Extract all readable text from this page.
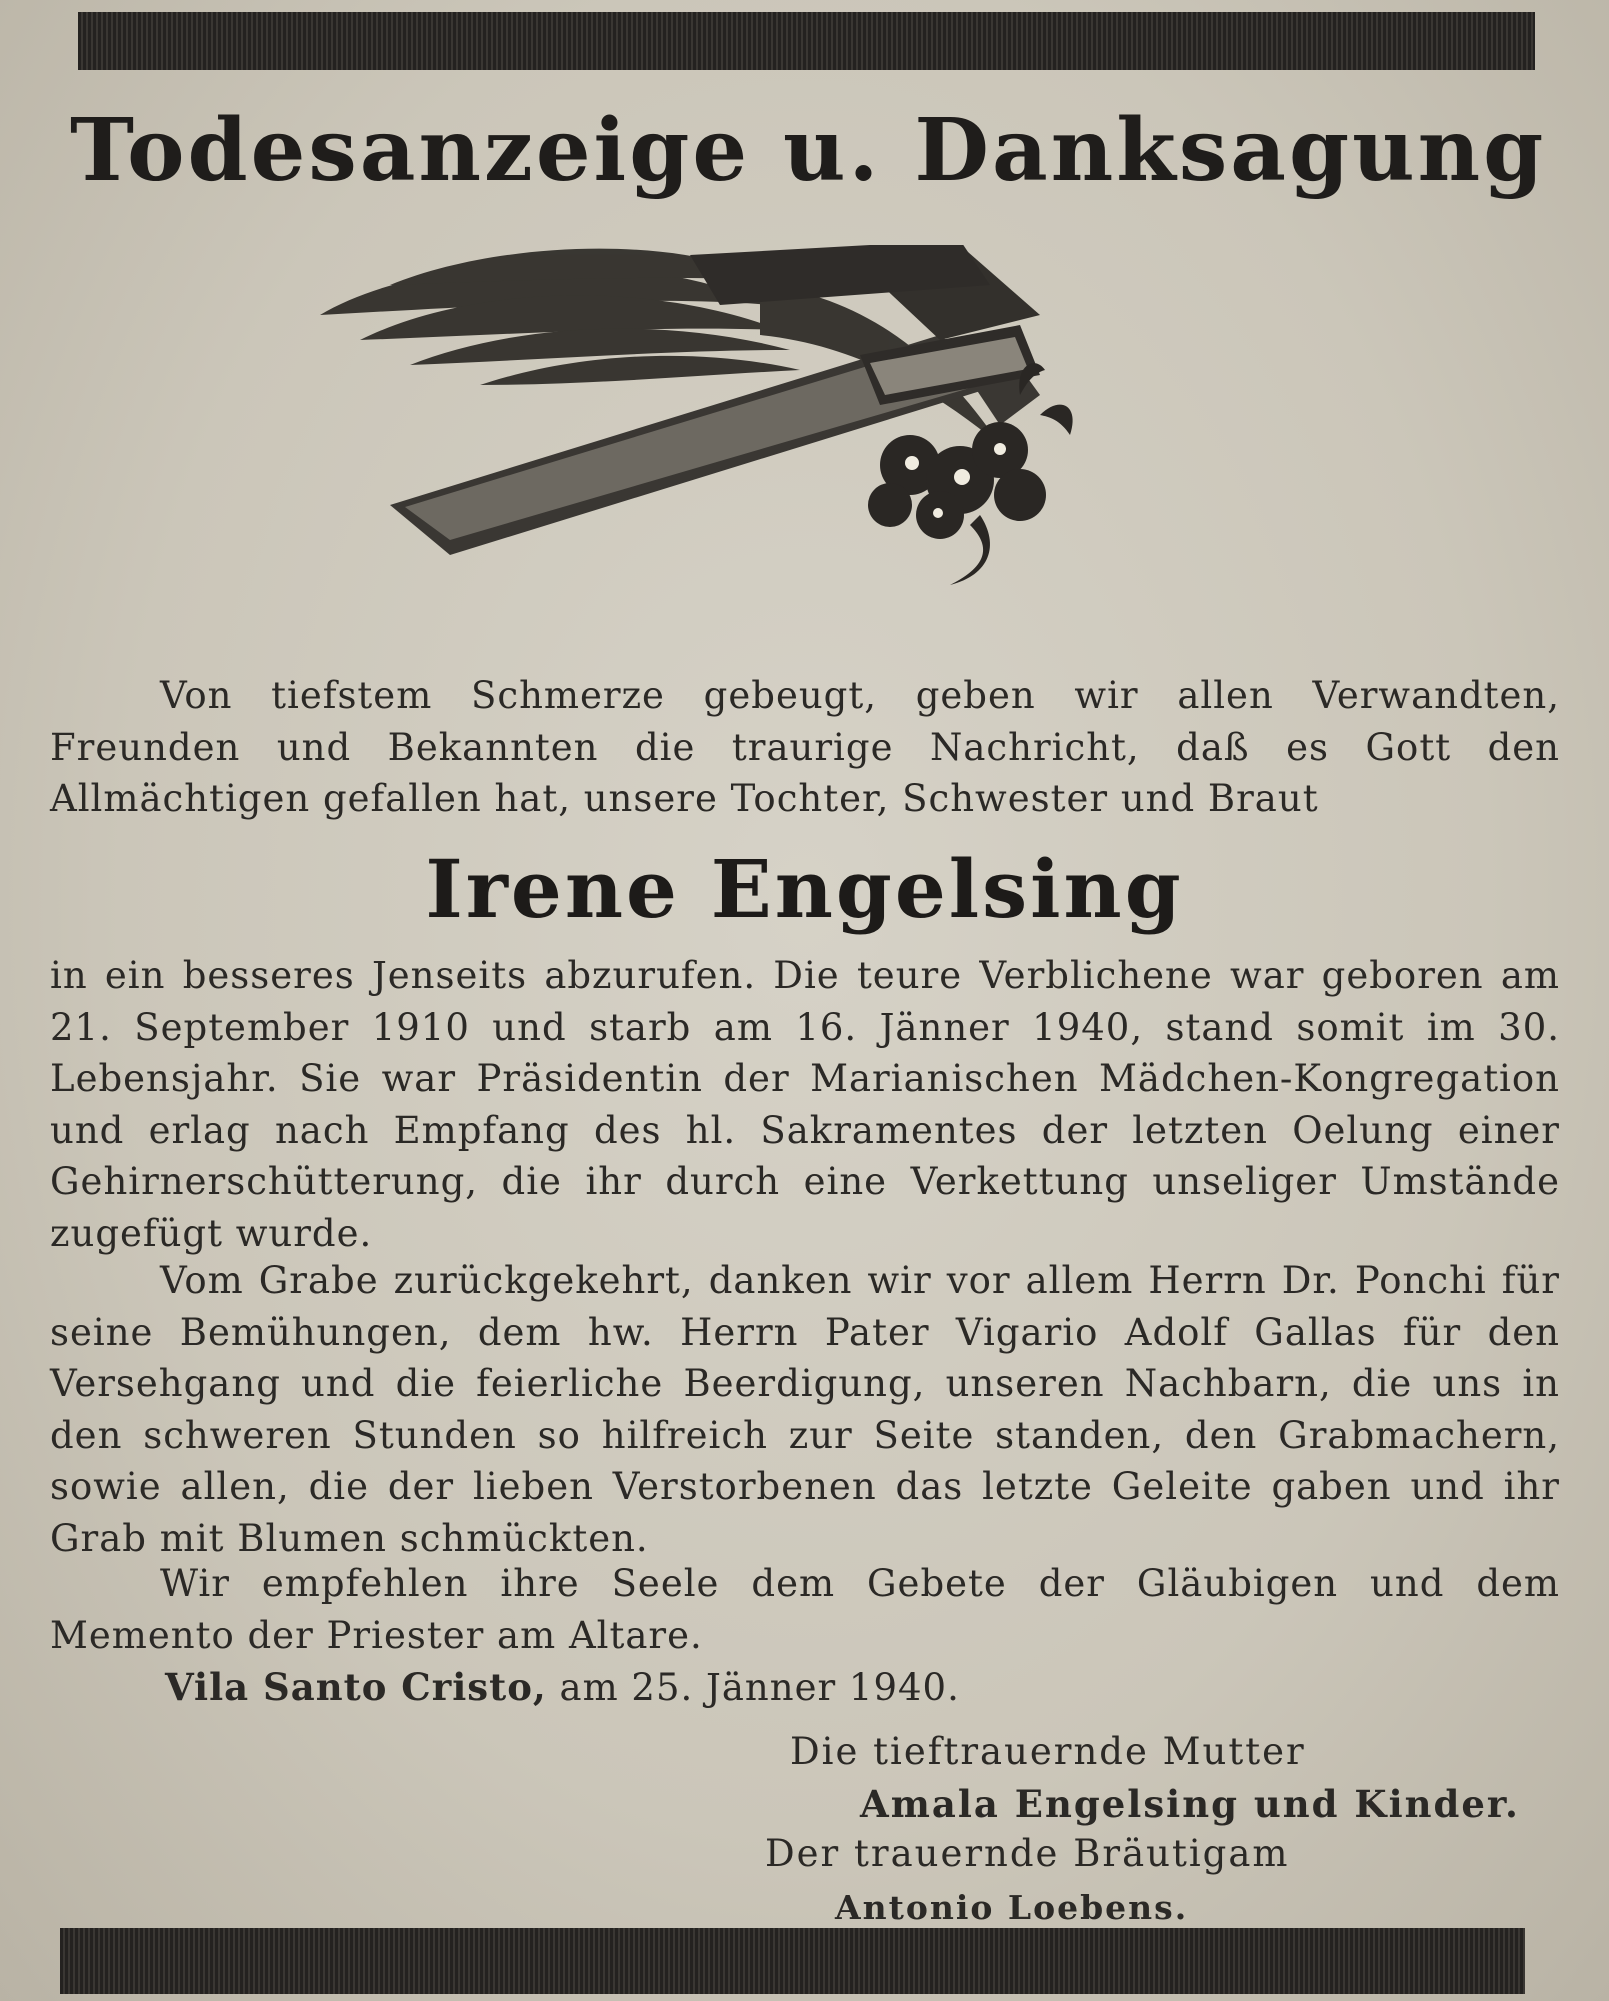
Todesanzeige u. Danksagung
Von tiefstem Schmerze gebeugt, geben wir allen Verwandten, Freunden und Bekannten die traurige Nachricht, daß es Gott den Allmächtigen gefallen hat, unsere Tochter, Schwester und Braut
Irene Engelsing
in ein besseres Jenseits abzurufen. Die teure Verblichene war geboren am 21. September 1910 und starb am 16. Jänner 1940, stand somit im 30. Lebensjahr. Sie war Präsidentin der Marianischen Mädchen-Kongregation und erlag nach Empfang des hl. Sakramentes der letzten Oelung einer Gehirnerschütterung, die ihr durch eine Verkettung unseliger Umstände zugefügt wurde.
Vom Grabe zurückgekehrt, danken wir vor allem Herrn Dr. Ponchi für seine Bemühungen, dem hw. Herrn Pater Vigario Adolf Gallas für den Versehgang und die feierliche Beerdigung, unseren Nachbarn, die uns in den schweren Stunden so hilfreich zur Seite standen, den Grabmachern, sowie allen, die der lieben Verstorbenen das letzte Geleite gaben und ihr Grab mit Blumen schmückten.
Wir empfehlen ihre Seele dem Gebete der Gläubigen und dem Memento der Priester am Altare.
Vila Santo Cristo, am 25. Jänner 1940.
Die tieftrauernde Mutter
Amala Engelsing und Kinder.
Der trauernde Bräutigam
Antonio Loebens.
